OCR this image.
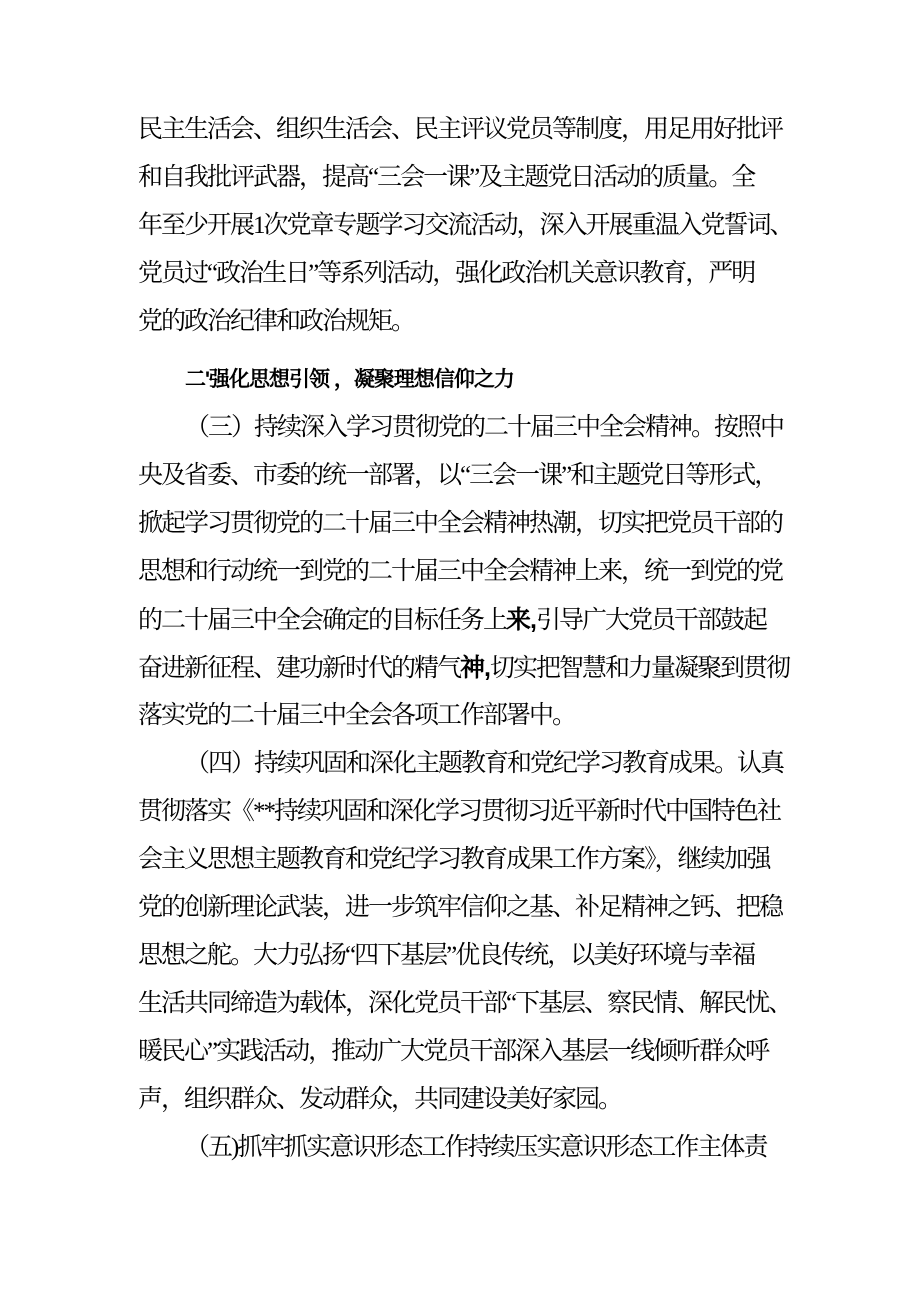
民主生活会、组织生活会、民主评议党员等制度，用足用好批评
和自我批评武器，提高“三会一课”及主题党日活动的质量。全
年至少开展1次党章专题学习交流活动，深入开展重温入党誓词、
党员过“政治生日”等系列活动，强化政治机关意识教育，严明
党的政治纪律和政治规矩。
二'强化思想引领 ，凝聚理想信仰之力
（三）持续深入学习贯彻党的二十届三中全会精神。按照中
央及省委、市委的统一部署，以“三会一课”和主题党日等形式，
掀起学习贯彻党的二十届三中全会精神热潮，切实把党员干部的
思想和行动统一到党的二十届三中全会精神上来，统一到党的党
的二十届三中全会确定的目标任务上来,引导广大党员干部鼓起
奋进新征程、建功新时代的精气神,切实把智慧和力量凝聚到贯彻
落实党的二十届三中全会各项工作部署中。
（四）持续巩固和深化主题教育和党纪学习教育成果。认真
贯彻落实《**持续巩固和深化学习贯彻习近平新时代中国特色社
会主义思想主题教育和党纪学习教育成果工作方案》，继续加强
党的创新理论武装，进一步筑牢信仰之基、补足精神之钙、把稳
思想之舵。大力弘扬“四下基层”优良传统，以美好环境与幸福
生活共同缔造为载体，深化党员干部“下基层、察民情、解民忧、
暖民心”实践活动，推动广大党员干部深入基层一线倾听群众呼
声，组织群众、发动群众，共同建设美好家园。
（五)抓牢抓实意识形态工作持续压实意识形态工作主体责
